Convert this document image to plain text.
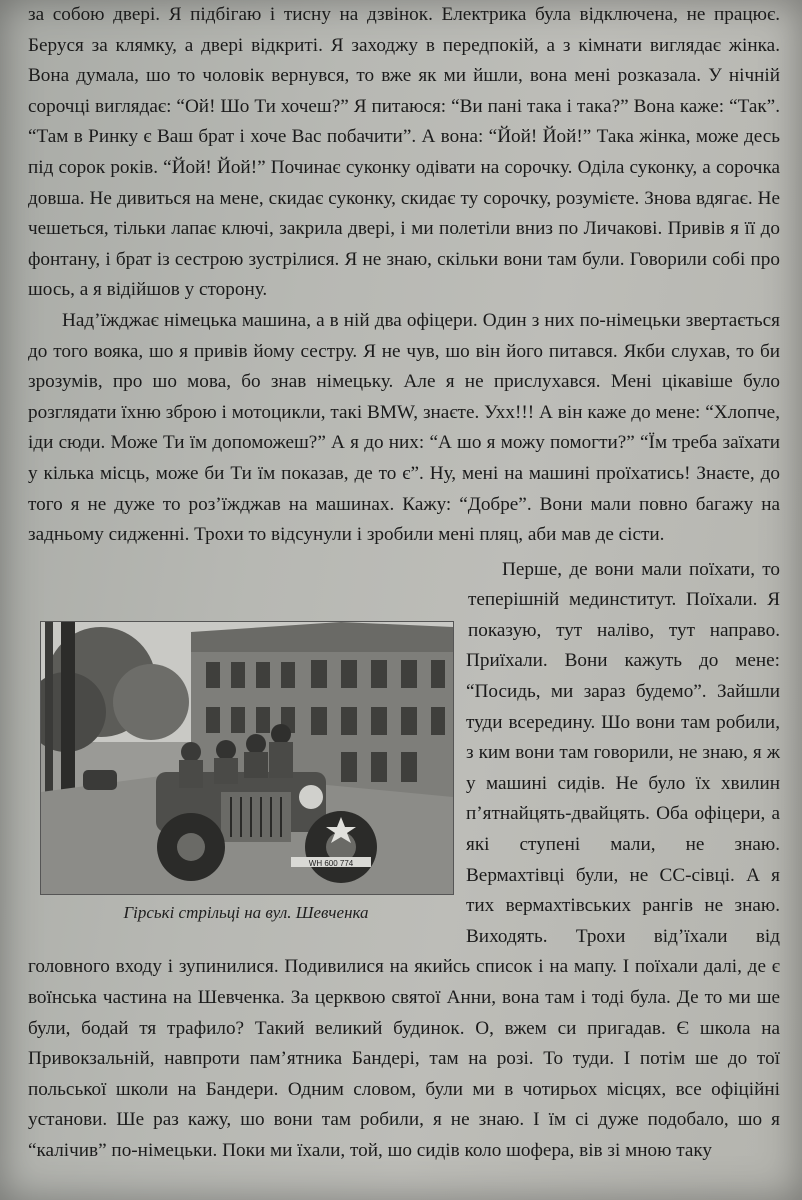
за собою двері. Я підбігаю і тисну на дзвінок. Електрика була відключена, не працює. Беруся за клямку, а двері відкриті. Я заходжу в передпокій, а з кімнати виглядає жінка. Вона думала, шо то чоловік вернувся, то вже як ми йшли, вона мені розказала. У нічній сорочці виглядає: “Ой! Шо Ти хочеш?” Я питаюся: “Ви пані така і така?” Вона каже: “Так”. “Там в Ринку є Ваш брат і хоче Вас побачити”. А вона: “Йой! Йой!” Така жінка, може десь під сорок років. “Йой! Йой!” Починає суконку одівати на сорочку. Оділа суконку, а сорочка довша. Не дивиться на мене, скидає суконку, скидає ту сорочку, розумієте. Знова вдягає. Не чешеться, тільки лапає ключі, закрила двері, і ми полетіли вниз по Личакові. Привів я її до фонтану, і брат із сестрою зустрілися. Я не знаю, скільки вони там були. Говорили собі про шось, а я відійшов у сторону.

Над’їжджає німецька машина, а в ній два офіцери. Один з них по-німецьки звертається до того вояка, шо я привів йому сестру. Я не чув, шо він його питався. Якби слухав, то би зрозумів, про шо мова, бо знав німецьку. Але я не прислухався. Мені цікавіше було розглядати їхню зброю і мотоцикли, такі BMW, знаєте. Ухх!!! А він каже до мене: “Хлопче, іди сюди. Може Ти їм допоможеш?” А я до них: “А шо я можу помогти?” “Їм треба заїхати у кілька місць, може би Ти їм показав, де то є”. Ну, мені на машині проїхатись! Знаєте, до того я не дуже то роз’їжджав на машинах. Кажу: “Добре”. Вони мали повно багажу на задньому сидженні. Трохи то відсунули і зробили мені пляц, аби мав де сісти.

WH 600 774
Гірські стрільці на вул. Шевченка

Перше, де вони мали поїхати, то теперішній мединститут. Поїхали. Я показую, тут наліво, тут направо. Приїхали. Вони кажуть до мене: “Посидь, ми зараз будемо”. Зайшли туди всередину. Шо вони там робили, з ким вони там говорили, не знаю, я ж у машині сидів. Не було їх хвилин п’ятнайцять-двайцять. Оба офіцери, а які ступені мали, не знаю. Вермахтівці були, не СС-сівці. А я тих вермахтівських рангів не знаю. Виходять. Трохи від’їхали від головного входу і зупинилися. Подивилися на якийсь список і на мапу. І поїхали далі, де є воїнська частина на Шевченка. За церквою святої Анни, вона там і тоді була. Де то ми ше були, бодай тя трафило? Такий великий будинок. О, вжем си пригадав. Є школа на Привокзальній, навпроти пам’ятника Бандері, там на розі. То туди. І потім ше до тої польської школи на Бандери. Одним словом, були ми в чотирьох місцях, все офіційні установи. Ше раз кажу, шо вони там робили, я не знаю. І їм сі дуже подобало, шо я “калічив” по-німецьки. Поки ми їхали, той, шо сидів коло шофера, вів зі мною таку
